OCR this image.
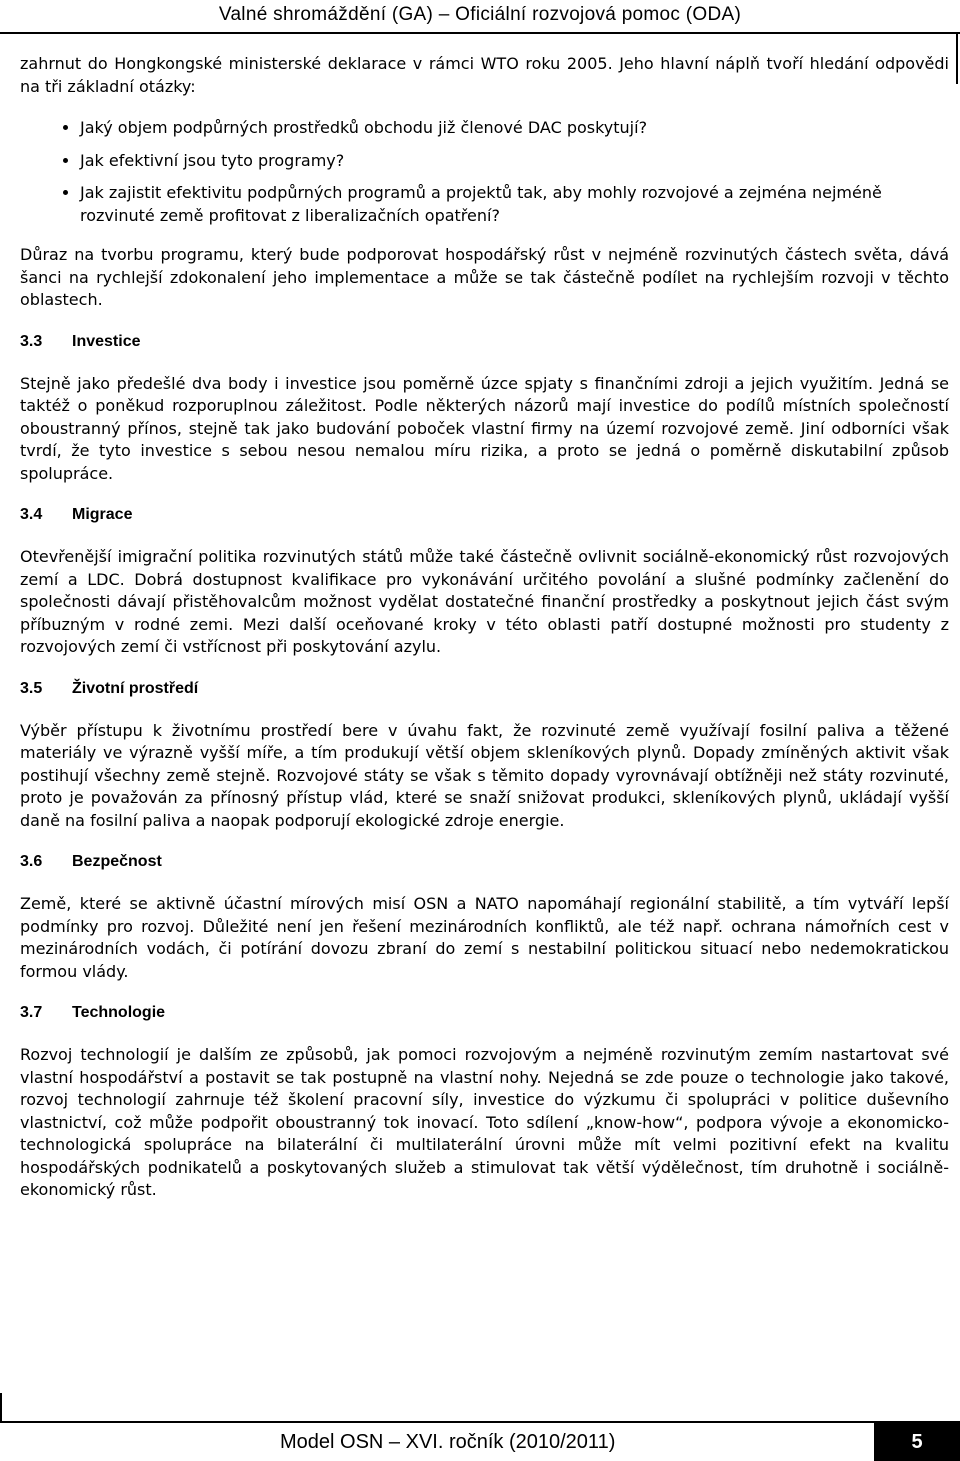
Valné shromáždění (GA) – Oficiální rozvojová pomoc (ODA)

zahrnut do Hongkongské ministerské deklarace v rámci WTO roku 2005. Jeho hlavní náplň tvoří hledání odpovědi na tři základní otázky:

• Jaký objem podpůrných prostředků obchodu již členové DAC poskytují?
• Jak efektivní jsou tyto programy?
• Jak zajistit efektivitu podpůrných programů a projektů tak, aby mohly rozvojové a zejména nejméně rozvinuté země profitovat z liberalizačních opatření?

Důraz na tvorbu programu, který bude podporovat hospodářský růst v nejméně rozvinutých částech světa, dává šanci na rychlejší zdokonalení jeho implementace a může se tak částečně podílet na rychlejším rozvoji v těchto oblastech.

3.3 Investice

Stejně jako předešlé dva body i investice jsou poměrně úzce spjaty s finančními zdroji a jejich využitím. Jedná se taktéž o poněkud rozporuplnou záležitost. Podle některých názorů mají investice do podílů místních společností oboustranný přínos, stejně tak jako budování poboček vlastní firmy na území rozvojové země. Jiní odborníci však tvrdí, že tyto investice s sebou nesou nemalou míru rizika, a proto se jedná o poměrně diskutabilní způsob spolupráce.

3.4 Migrace

Otevřenější imigrační politika rozvinutých států může také částečně ovlivnit sociálně-ekonomický růst rozvojových zemí a LDC. Dobrá dostupnost kvalifikace pro vykonávání určitého povolání a slušné podmínky začlenění do společnosti dávají přistěhovalcům možnost vydělat dostatečné finanční prostředky a poskytnout jejich část svým příbuzným v rodné zemi. Mezi další oceňované kroky v této oblasti patří dostupné možnosti pro studenty z rozvojových zemí či vstřícnost při poskytování azylu.

3.5 Životní prostředí

Výběr přístupu k životnímu prostředí bere v úvahu fakt, že rozvinuté země využívají fosilní paliva a těžené materiály ve výrazně vyšší míře, a tím produkují větší objem skleníkových plynů. Dopady zmíněných aktivit však postihují všechny země stejně. Rozvojové státy se však s těmito dopady vyrovnávají obtížněji než státy rozvinuté, proto je považován za přínosný přístup vlád, které se snaží snižovat produkci, skleníkových plynů, ukládají vyšší daně na fosilní paliva a naopak podporují ekologické zdroje energie.

3.6 Bezpečnost

Země, které se aktivně účastní mírových misí OSN a NATO napomáhají regionální stabilitě, a tím vytváří lepší podmínky pro rozvoj. Důležité není jen řešení mezinárodních konfliktů, ale též např. ochrana námořních cest v mezinárodních vodách, či potírání dovozu zbraní do zemí s nestabilní politickou situací nebo nedemokratickou formou vlády.

3.7 Technologie

Rozvoj technologií je dalším ze způsobů, jak pomoci rozvojovým a nejméně rozvinutým zemím nastartovat své vlastní hospodářství a postavit se tak postupně na vlastní nohy. Nejedná se zde pouze o technologie jako takové, rozvoj technologií zahrnuje též školení pracovní síly, investice do výzkumu či spolupráci v politice duševního vlastnictví, což může podpořit oboustranný tok inovací. Toto sdílení „know-how“, podpora vývoje a ekonomicko-technologická spolupráce na bilaterální či multilaterální úrovni může mít velmi pozitivní efekt na kvalitu hospodářských podnikatelů a poskytovaných služeb a stimulovat tak větší výdělečnost, tím druhotně i sociálně-ekonomický růst.

Model OSN – XVI. ročník (2010/2011)	5
